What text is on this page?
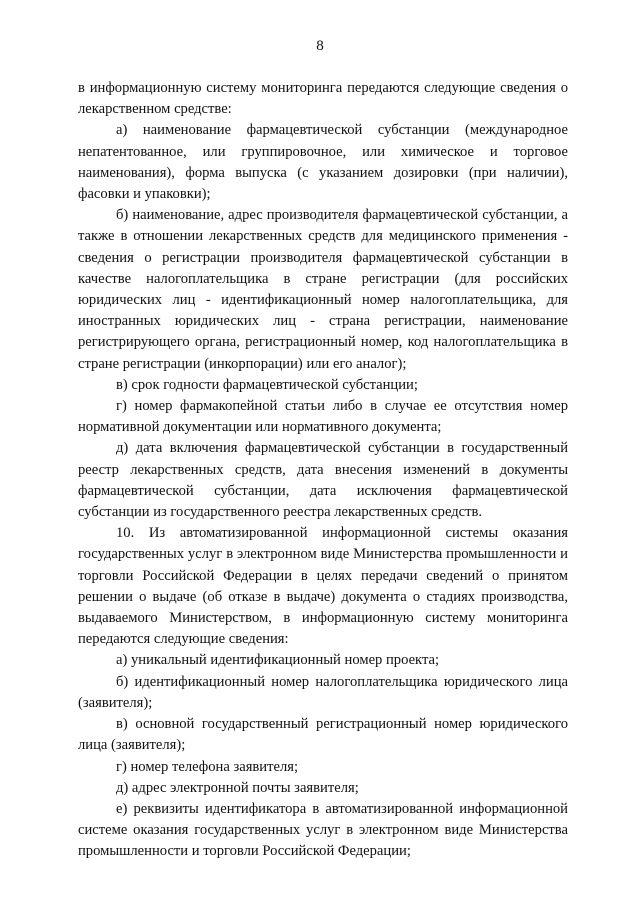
8

в информационную систему мониторинга передаются следующие сведения о лекарственном средстве:

а) наименование фармацевтической субстанции (международное непатентованное, или группировочное, или химическое и торговое наименования), форма выпуска (с указанием дозировки (при наличии), фасовки и упаковки);

б) наименование, адрес производителя фармацевтической субстанции, а также в отношении лекарственных средств для медицинского применения - сведения о регистрации производителя фармацевтической субстанции в качестве налогоплательщика в стране регистрации (для российских юридических лиц - идентификационный номер налогоплательщика, для иностранных юридических лиц - страна регистрации, наименование регистрирующего органа, регистрационный номер, код налогоплательщика в стране регистрации (инкорпорации) или его аналог);

в) срок годности фармацевтической субстанции;

г) номер фармакопейной статьи либо в случае ее отсутствия номер нормативной документации или нормативного документа;

д) дата включения фармацевтической субстанции в государственный реестр лекарственных средств, дата внесения изменений в документы фармацевтической субстанции, дата исключения фармацевтической субстанции из государственного реестра лекарственных средств.

10. Из автоматизированной информационной системы оказания государственных услуг в электронном виде Министерства промышленности и торговли Российской Федерации в целях передачи сведений о принятом решении о выдаче (об отказе в выдаче) документа о стадиях производства, выдаваемого Министерством, в информационную систему мониторинга передаются следующие сведения:

а) уникальный идентификационный номер проекта;

б) идентификационный номер налогоплательщика юридического лица (заявителя);

в) основной государственный регистрационный номер юридического лица (заявителя);

г) номер телефона заявителя;

д) адрес электронной почты заявителя;

е) реквизиты идентификатора в автоматизированной информационной системе оказания государственных услуг в электронном виде Министерства промышленности и торговли Российской Федерации;
